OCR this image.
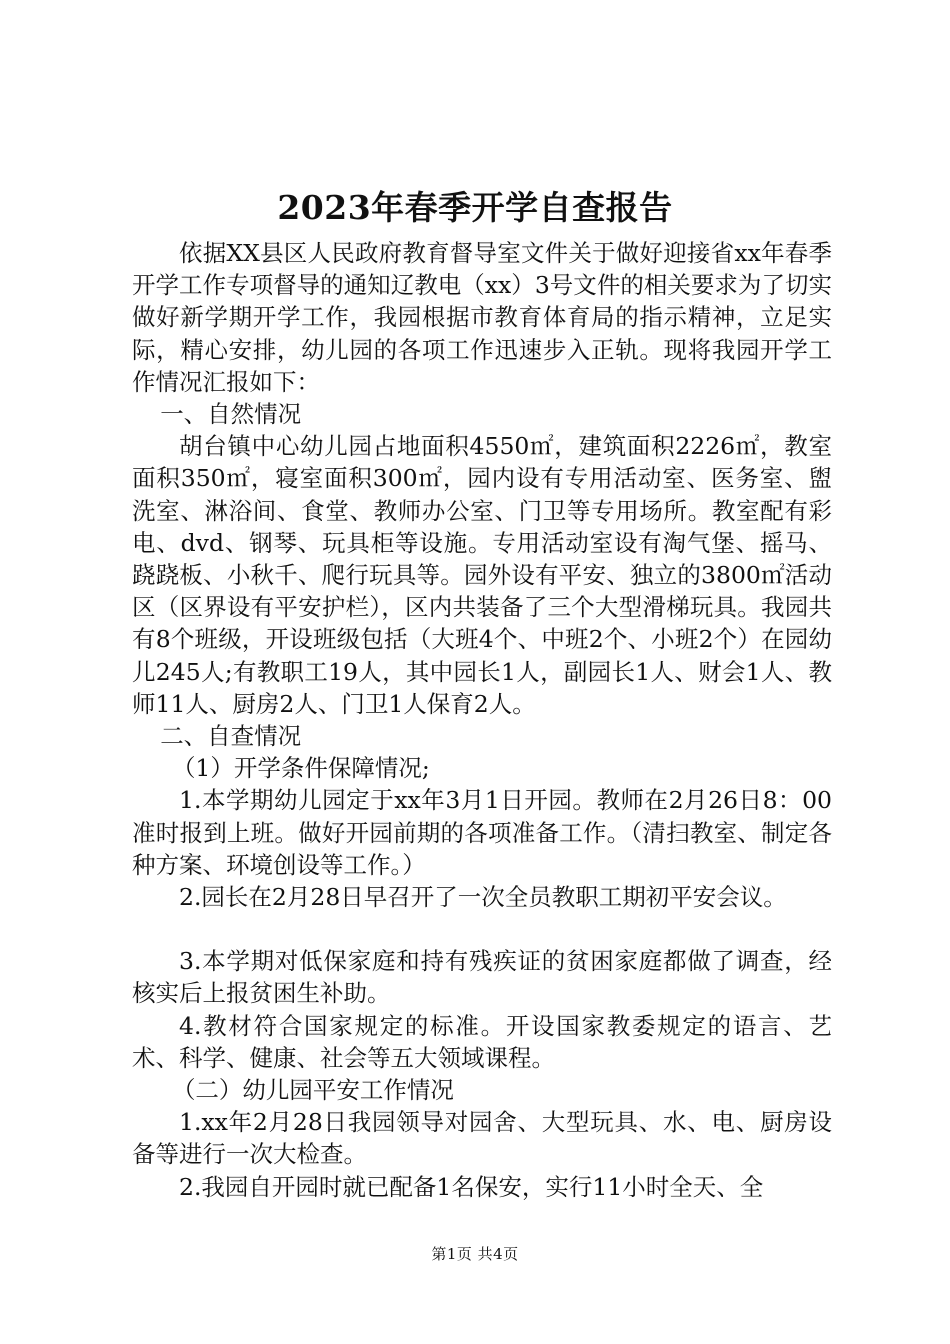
2023年春季开学自查报告

依据XX县区人民政府教育督导室文件关于做好迎接省xx年春季开学工作专项督导的通知辽教电（xx）3号文件的相关要求为了切实做好新学期开学工作，我园根据市教育体育局的指示精神，立足实际，精心安排，幼儿园的各项工作迅速步入正轨。现将我园开学工作情况汇报如下：

一、自然情况

胡台镇中心幼儿园占地面积4550㎡，建筑面积2226㎡，教室面积350㎡，寝室面积300㎡，园内设有专用活动室、医务室、盥洗室、淋浴间、食堂、教师办公室、门卫等专用场所。教室配有彩电、dvd、钢琴、玩具柜等设施。专用活动室设有淘气堡、摇马、跷跷板、小秋千、爬行玩具等。园外设有平安、独立的3800㎡活动区（区界设有平安护栏），区内共装备了三个大型滑梯玩具。我园共有8个班级，开设班级包括（大班4个、中班2个、小班2个）在园幼儿245人;有教职工19人，其中园长1人，副园长1人、财会1人、教师11人、厨房2人、门卫1人保育2人。

二、自查情况

（1）开学条件保障情况;

1.本学期幼儿园定于xx年3月1日开园。教师在2月26日8：00准时报到上班。做好开园前期的各项准备工作。（清扫教室、制定各种方案、环境创设等工作。）

2.园长在2月28日早召开了一次全员教职工期初平安会议。

3.本学期对低保家庭和持有残疾证的贫困家庭都做了调查，经核实后上报贫困生补助。

4.教材符合国家规定的标准。开设国家教委规定的语言、艺术、科学、健康、社会等五大领域课程。

（二）幼儿园平安工作情况

1.xx年2月28日我园领导对园舍、大型玩具、水、电、厨房设备等进行一次大检查。

2.我园自开园时就已配备1名保安，实行11小时全天、全

第1页 共4页
